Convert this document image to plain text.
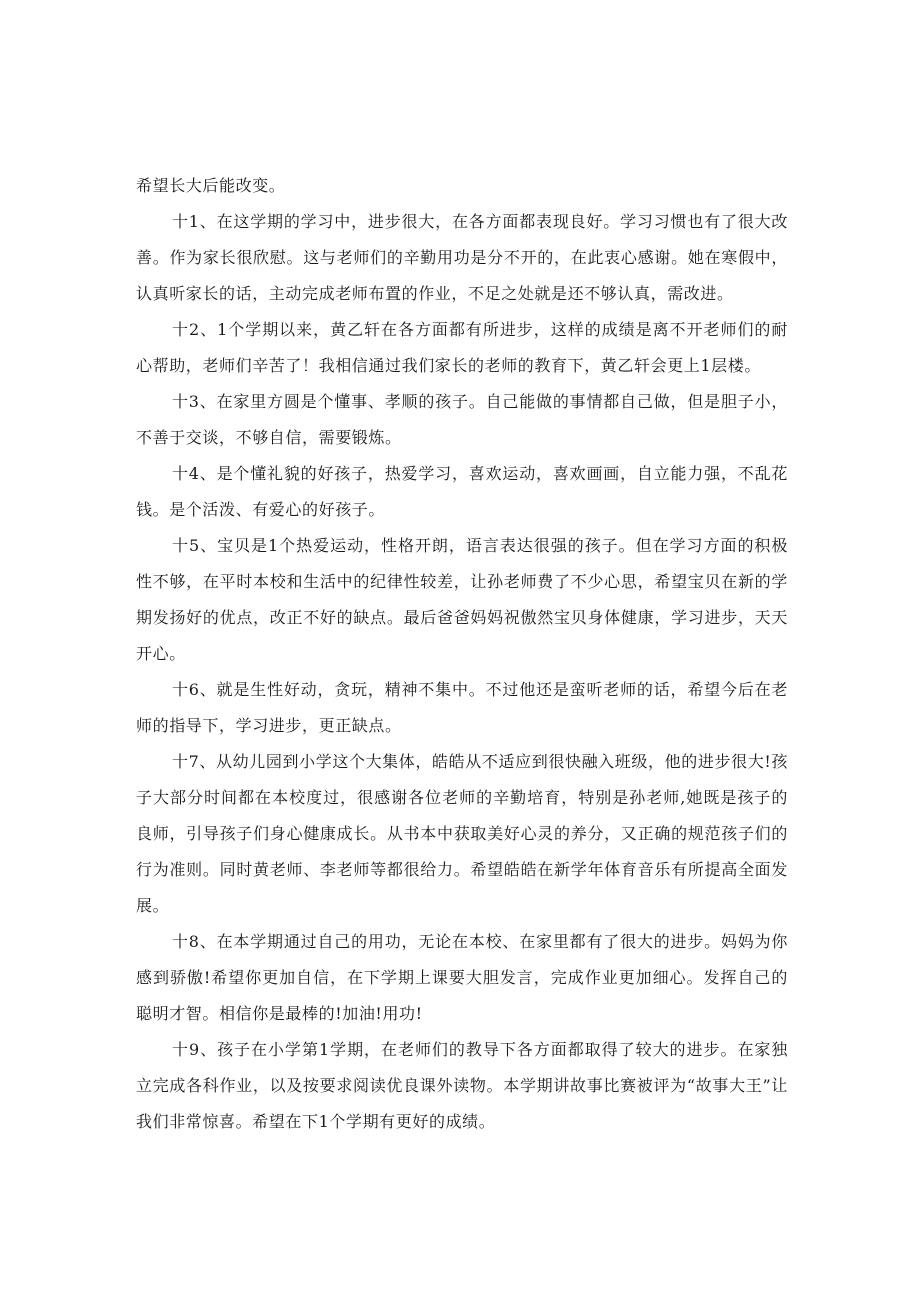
希望长大后能改变。

十1、在这学期的学习中，进步很大，在各方面都表现良好。学习习惯也有了很大改善。作为家长很欣慰。这与老师们的辛勤用功是分不开的，在此衷心感谢。她在寒假中，认真听家长的话，主动完成老师布置的作业，不足之处就是还不够认真，需改进。

十2、1个学期以来，黄乙轩在各方面都有所进步，这样的成绩是离不开老师们的耐心帮助，老师们辛苦了！我相信通过我们家长的老师的教育下，黄乙轩会更上1层楼。

十3、在家里方圆是个懂事、孝顺的孩子。自己能做的事情都自己做，但是胆子小，不善于交谈，不够自信，需要锻炼。

十4、是个懂礼貌的好孩子，热爱学习，喜欢运动，喜欢画画，自立能力强，不乱花钱。是个活泼、有爱心的好孩子。

十5、宝贝是1个热爱运动，性格开朗，语言表达很强的孩子。但在学习方面的积极性不够，在平时本校和生活中的纪律性较差，让孙老师费了不少心思，希望宝贝在新的学期发扬好的优点，改正不好的缺点。最后爸爸妈妈祝傲然宝贝身体健康，学习进步，天天开心。

十6、就是生性好动，贪玩，精神不集中。不过他还是蛮听老师的话，希望今后在老师的指导下，学习进步，更正缺点。

十7、从幼儿园到小学这个大集体，皓皓从不适应到很快融入班级，他的进步很大!孩子大部分时间都在本校度过，很感谢各位老师的辛勤培育，特别是孙老师,她既是孩子的良师，引导孩子们身心健康成长。从书本中获取美好心灵的养分，又正确的规范孩子们的行为准则。同时黄老师、李老师等都很给力。希望皓皓在新学年体育音乐有所提高全面发展。

十8、在本学期通过自己的用功，无论在本校、在家里都有了很大的进步。妈妈为你感到骄傲!希望你更加自信，在下学期上课要大胆发言，完成作业更加细心。发挥自己的聪明才智。相信你是最棒的!加油!用功!

十9、孩子在小学第1学期，在老师们的教导下各方面都取得了较大的进步。在家独立完成各科作业，以及按要求阅读优良课外读物。本学期讲故事比赛被评为“故事大王”让我们非常惊喜。希望在下1个学期有更好的成绩。
